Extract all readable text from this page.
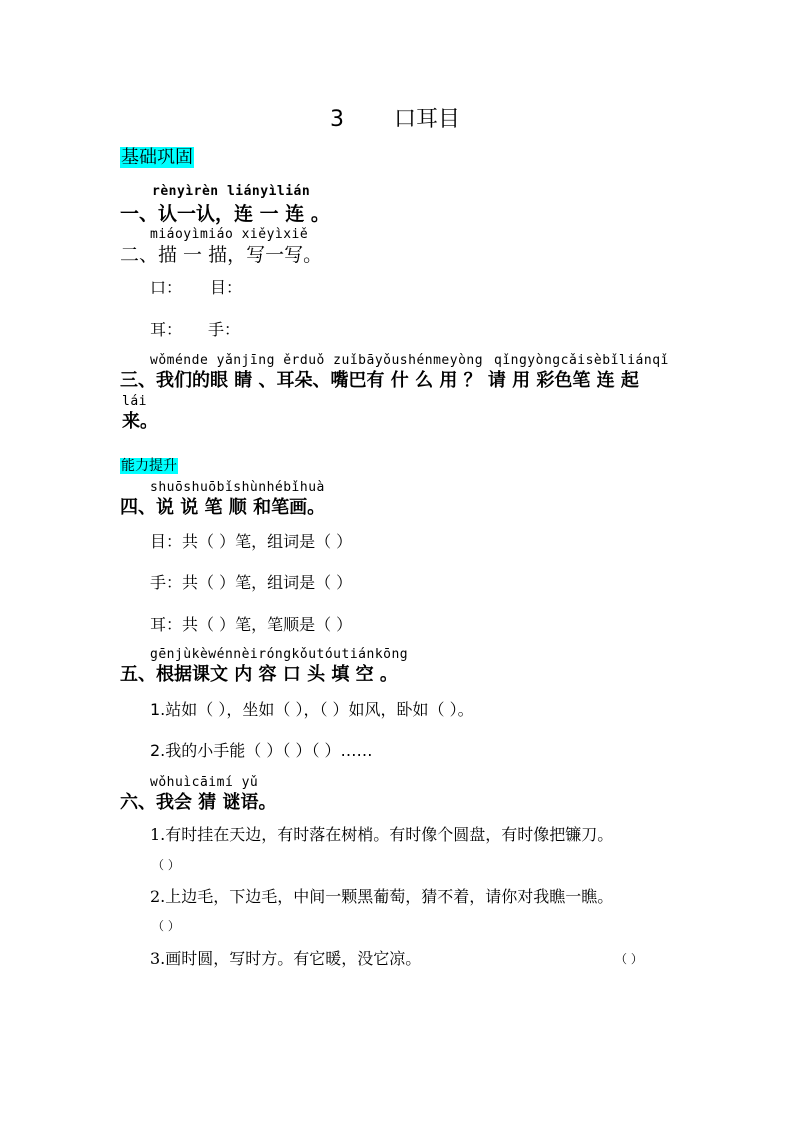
3 口耳目
基础巩固
rènyìrèn liányìlián
一、认一认，连 一 连 。
miáoyìmiáo xiěyìxiě
二、描 一 描，写一写。
口： 目：
耳： 手：
wǒménde yǎnjīng ěrduǒ zuǐbāyǒushénmeyòng qǐngyòngcǎisèbǐliánqǐ
三、我们的眼 睛 、耳朵、嘴巴有 什 么 用 ？ 请 用 彩色笔 连 起
lái
来。
能力提升
shuōshuōbǐshùnhébǐhuà
四、说 说 笔 顺 和笔画。
目：共（ ）笔，组词是（ ）
手：共（ ）笔，组词是（ ）
耳：共（ ）笔，笔顺是（ ）
gēnjùkèwénnèiróngkǒutóutiánkōng
五、根据课文 内 容 口 头 填 空 。
1.站如（ ），坐如（ ），（ ）如风，卧如（ ）。
2.我的小手能（ ）（ ）（ ）……
wǒhuìcāimí yǔ
六、我会 猜 谜语。
1.有时挂在天边，有时落在树梢。有时像个圆盘，有时像把镰刀。
（ ）
2.上边毛，下边毛，中间一颗黑葡萄，猜不着，请你对我瞧一瞧。
（ ）
3.画时圆，写时方。有它暖，没它凉。	（ ）
